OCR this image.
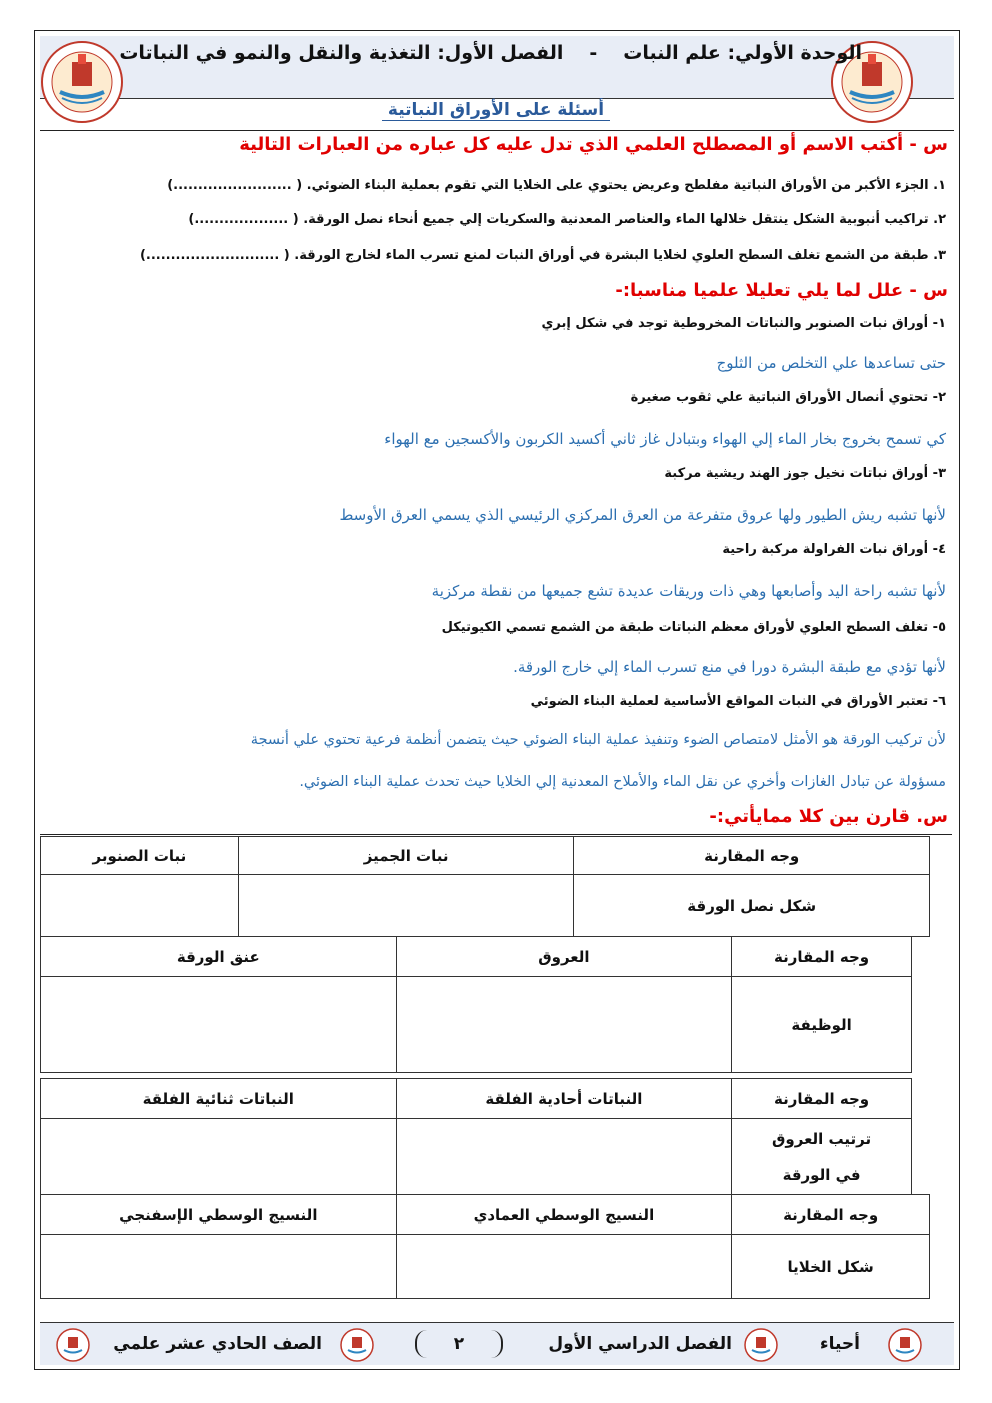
الوحدة الأولي: علم النبات-الفصل الأول: التغذية والنقل والنمو في النباتات
أسئلة على الأوراق النباتية
س - أكتب الاسم أو المصطلح العلمي الذي تدل عليه كل عباره من العبارات التالية
١. الجزء الأكبر من الأوراق النباتية مفلطح وعريض يحتوي على الخلايا التي تقوم بعملية البناء الضوئي. ( ........................)
٢. تراكيب أنبوبية الشكل ينتقل خلالها الماء والعناصر المعدنية والسكريات إلي جميع أنحاء نصل الورقة. ( ...................)
٣. طبقة من الشمع تغلف السطح العلوي لخلايا البشرة في أوراق النبات لمنع تسرب الماء لخارج الورقة. ( ...........................)
س - علل لما يلي تعليلا علميا مناسبا:-
١- أوراق نبات الصنوبر والنباتات المخروطية توجد في شكل إبري
حتى تساعدها علي التخلص من الثلوج
٢- تحتوي أنصال الأوراق النباتية علي ثقوب صغيرة
كي تسمح بخروج بخار الماء إلي الهواء وبتبادل غاز ثاني أكسيد الكربون والأكسجين مع الهواء
٣- أوراق نباتات نخيل جوز الهند ريشية مركبة
لأنها تشبه ريش الطيور ولها عروق متفرعة من العرق المركزي الرئيسي الذي يسمي العرق الأوسط
٤- أوراق نبات الفراولة مركبة راحية
لأنها تشبه راحة اليد وأصابعها وهي ذات وريقات عديدة تشع جميعها من نقطة مركزية
٥- تغلف السطح العلوي لأوراق معظم النباتات طبقة من الشمع تسمي الكيوتيكل
لأنها تؤدي مع طبقة البشرة دورا في منع تسرب الماء إلي خارج الورقة.
٦- تعتبر الأوراق في النبات المواقع الأساسية لعملية البناء الضوئي
لأن تركيب الورقة هو الأمثل لامتصاص الضوء وتنفيذ عملية البناء الضوئي حيث يتضمن أنظمة فرعية تحتوي علي أنسجة
مسؤولة عن تبادل الغازات وأخري عن نقل الماء والأملاح المعدنية إلي الخلايا حيث تحدث عملية البناء الضوئي.
س. قارن بين كلا ممايأتي:-
وجه المقارنة	نبات الجميز	نبات الصنوبر
شكل نصل الورقة		
وجه المقارنة	العروق	عنق الورقة
الوظيفة		
وجه المقارنة	النباتات أحادية الفلقة	النباتات ثنائية الفلقة

ترتيب العروق
في الورقة		

وجه المقارنة	النسيج الوسطي العمادي	النسيج الوسطي الإسفنجي
شكل الخلايا		
أحياء
الفصل الدراسي الأول
٢
الصف الحادي عشر علمي
